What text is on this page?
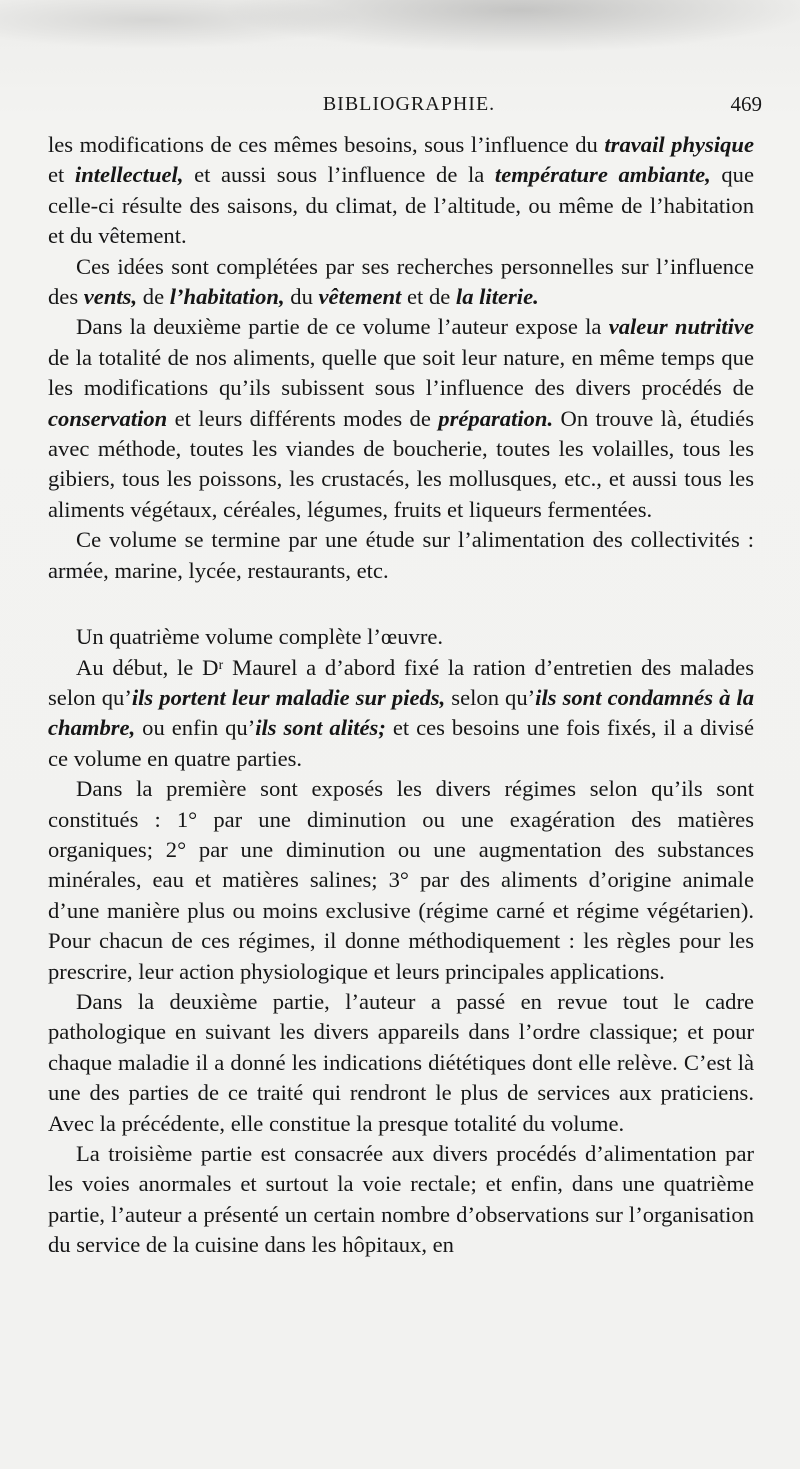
BIBLIOGRAPHIE.	469

les modifications de ces mêmes besoins, sous l’influence du travail physique et intellectuel, et aussi sous l’influence de la température ambiante, que celle-ci résulte des saisons, du climat, de l’altitude, ou même de l’habitation et du vêtement.

Ces idées sont complétées par ses recherches personnelles sur l’influence des vents, de l’habitation, du vêtement et de la literie.

Dans la deuxième partie de ce volume l’auteur expose la valeur nutritive de la totalité de nos aliments, quelle que soit leur nature, en même temps que les modifications qu’ils subissent sous l’influence des divers procédés de conservation et leurs différents modes de préparation. On trouve là, étudiés avec méthode, toutes les viandes de boucherie, toutes les volailles, tous les gibiers, tous les poissons, les crustacés, les mollusques, etc., et aussi tous les aliments végétaux, céréales, légumes, fruits et liqueurs fermentées.

Ce volume se termine par une étude sur l’alimentation des collectivités : armée, marine, lycée, restaurants, etc.

Un quatrième volume complète l’œuvre.

Au début, le Dʳ Maurel a d’abord fixé la ration d’entretien des malades selon qu’ils portent leur maladie sur pieds, selon qu’ils sont condamnés à la chambre, ou enfin qu’ils sont alités; et ces besoins une fois fixés, il a divisé ce volume en quatre parties.

Dans la première sont exposés les divers régimes selon qu’ils sont constitués : 1° par une diminution ou une exagération des matières organiques; 2° par une diminution ou une augmentation des substances minérales, eau et matières salines; 3° par des aliments d’origine animale d’une manière plus ou moins exclusive (régime carné et régime végétarien). Pour chacun de ces régimes, il donne méthodiquement : les règles pour les prescrire, leur action physiologique et leurs principales applications.

Dans la deuxième partie, l’auteur a passé en revue tout le cadre pathologique en suivant les divers appareils dans l’ordre classique; et pour chaque maladie il a donné les indications diététiques dont elle relève. C’est là une des parties de ce traité qui rendront le plus de services aux praticiens. Avec la précédente, elle constitue la presque totalité du volume.

La troisième partie est consacrée aux divers procédés d’alimentation par les voies anormales et surtout la voie rectale; et enfin, dans une quatrième partie, l’auteur a présenté un certain nombre d’observations sur l’organisation du service de la cuisine dans les hôpitaux, en
